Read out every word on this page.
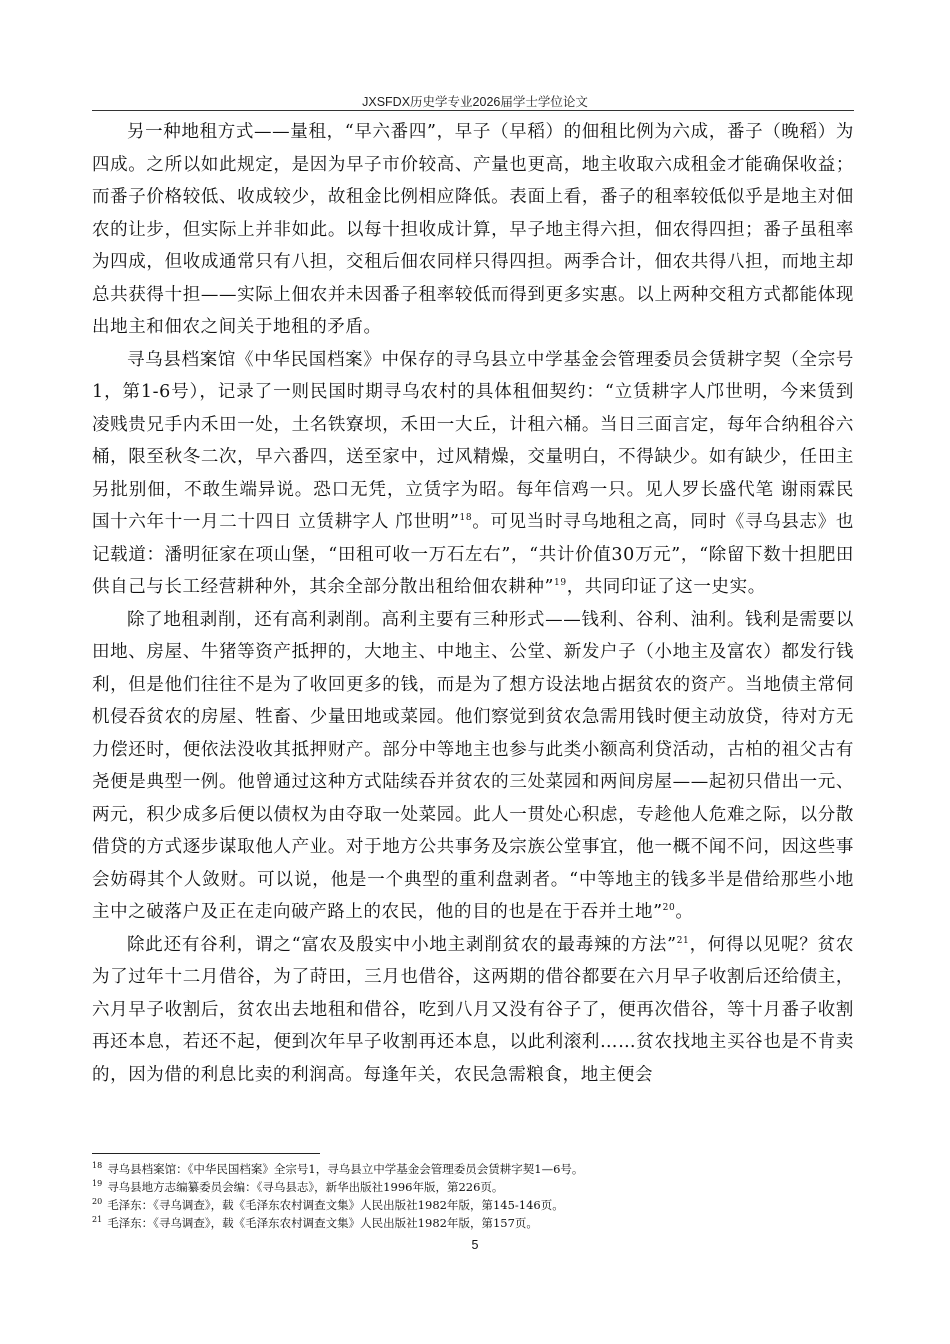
JXSFDX历史学专业2026届学士学位论文

另一种地租方式——量租，“早六番四”，早子（早稻）的佃租比例为六成，番子（晚稻）为四成。之所以如此规定，是因为早子市价较高、产量也更高，地主收取六成租金才能确保收益；而番子价格较低、收成较少，故租金比例相应降低。表面上看，番子的租率较低似乎是地主对佃农的让步，但实际上并非如此。以每十担收成计算，早子地主得六担，佃农得四担；番子虽租率为四成，但收成通常只有八担，交租后佃农同样只得四担。两季合计，佃农共得八担，而地主却总共获得十担——实际上佃农并未因番子租率较低而得到更多实惠。以上两种交租方式都能体现出地主和佃农之间关于地租的矛盾。

寻乌县档案馆《中华民国档案》中保存的寻乌县立中学基金会管理委员会赁耕字契（全宗号1，第1-6号），记录了一则民国时期寻乌农村的具体租佃契约：“立赁耕字人邝世明，今来赁到凌贱贵兄手内禾田一处，土名铁寮坝，禾田一大丘，计租六桶。当日三面言定，每年合纳租谷六桶，限至秋冬二次，早六番四，送至家中，过风精燥，交量明白，不得缺少。如有缺少，任田主另批别佃，不敢生端异说。恐口无凭，立赁字为昭。每年信鸡一只。见人罗长盛代笔 谢雨霖民国十六年十一月二十四日 立赁耕字人 邝世明”$^{18}$。可见当时寻乌地租之高，同时《寻乌县志》也记载道：潘明征家在项山堡，“田租可收一万石左右”，“共计价值30万元”，“除留下数十担肥田供自己与长工经营耕种外，其余全部分散出租给佃农耕种”$^{19}$，共同印证了这一史实。

除了地租剥削，还有高利剥削。高利主要有三种形式——钱利、谷利、油利。钱利是需要以田地、房屋、牛猪等资产抵押的，大地主、中地主、公堂、新发户子（小地主及富农）都发行钱利，但是他们往往不是为了收回更多的钱，而是为了想方设法地占据贫农的资产。当地债主常伺机侵吞贫农的房屋、牲畜、少量田地或菜园。他们察觉到贫农急需用钱时便主动放贷，待对方无力偿还时，便依法没收其抵押财产。部分中等地主也参与此类小额高利贷活动，古柏的祖父古有尧便是典型一例。他曾通过这种方式陆续吞并贫农的三处菜园和两间房屋——起初只借出一元、两元，积少成多后便以债权为由夺取一处菜园。此人一贯处心积虑，专趁他人危难之际，以分散借贷的方式逐步谋取他人产业。对于地方公共事务及宗族公堂事宜，他一概不闻不问，因这些事会妨碍其个人敛财。可以说，他是一个典型的重利盘剥者。“中等地主的钱多半是借给那些小地主中之破落户及正在走向破产路上的农民，他的目的也是在于吞并土地”$^{20}$。

除此还有谷利，谓之“富农及殷实中小地主剥削贫农的最毒辣的方法”$^{21}$，何得以见呢？贫农为了过年十二月借谷，为了莳田，三月也借谷，这两期的借谷都要在六月早子收割后还给债主，六月早子收割后，贫农出去地租和借谷，吃到八月又没有谷子了，便再次借谷，等十月番子收割再还本息，若还不起，便到次年早子收割再还本息，以此利滚利……贫农找地主买谷也是不肯卖的，因为借的利息比卖的利润高。每逢年关，农民急需粮食，地主便会

$^{18}$ 寻乌县档案馆：《中华民国档案》全宗号1，寻乌县立中学基金会管理委员会赁耕字契1—6号。

$^{19}$ 寻乌县地方志编纂委员会编：《寻乌县志》，新华出版社1996年版，第226页。

$^{20}$ 毛泽东：《寻乌调查》，载《毛泽东农村调查文集》人民出版社1982年版，第145-146页。

$^{21}$ 毛泽东：《寻乌调查》，载《毛泽东农村调查文集》人民出版社1982年版，第157页。

5
